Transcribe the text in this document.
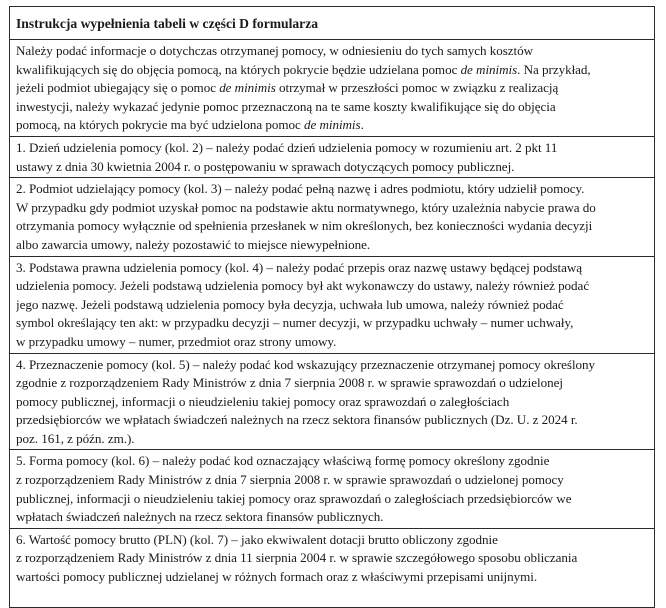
Instrukcja wypełnienia tabeli w części D formularza
Należy podać informacje o dotychczas otrzymanej pomocy, w odniesieniu do tych samych kosztów
kwalifikujących się do objęcia pomocą, na których pokrycie będzie udzielana pomoc de minimis. Na przykład,
jeżeli podmiot ubiegający się o pomoc de minimis otrzymał w przeszłości pomoc w związku z realizacją
inwestycji, należy wykazać jedynie pomoc przeznaczoną na te same koszty kwalifikujące się do objęcia
pomocą, na których pokrycie ma być udzielona pomoc de minimis.
1. Dzień udzielenia pomocy (kol. 2) – należy podać dzień udzielenia pomocy w rozumieniu art. 2 pkt 11
ustawy z dnia 30 kwietnia 2004 r. o postępowaniu w sprawach dotyczących pomocy publicznej.
2. Podmiot udzielający pomocy (kol. 3) – należy podać pełną nazwę i adres podmiotu, który udzielił pomocy.
W przypadku gdy podmiot uzyskał pomoc na podstawie aktu normatywnego, który uzależnia nabycie prawa do
otrzymania pomocy wyłącznie od spełnienia przesłanek w nim określonych, bez konieczności wydania decyzji
albo zawarcia umowy, należy pozostawić to miejsce niewypełnione.
3. Podstawa prawna udzielenia pomocy (kol. 4) – należy podać przepis oraz nazwę ustawy będącej podstawą
udzielenia pomocy. Jeżeli podstawą udzielenia pomocy był akt wykonawczy do ustawy, należy również podać
jego nazwę. Jeżeli podstawą udzielenia pomocy była decyzja, uchwała lub umowa, należy również podać
symbol określający ten akt: w przypadku decyzji – numer decyzji, w przypadku uchwały – numer uchwały,
w przypadku umowy – numer, przedmiot oraz strony umowy.
4. Przeznaczenie pomocy (kol. 5) – należy podać kod wskazujący przeznaczenie otrzymanej pomocy określony
zgodnie z rozporządzeniem Rady Ministrów z dnia 7 sierpnia 2008 r. w sprawie sprawozdań o udzielonej
pomocy publicznej, informacji o nieudzieleniu takiej pomocy oraz sprawozdań o zaległościach
przedsiębiorców we wpłatach świadczeń należnych na rzecz sektora finansów publicznych (Dz. U. z 2024 r.
poz. 161, z późn. zm.).
5. Forma pomocy (kol. 6) – należy podać kod oznaczający właściwą formę pomocy określony zgodnie
z rozporządzeniem Rady Ministrów z dnia 7 sierpnia 2008 r. w sprawie sprawozdań o udzielonej pomocy
publicznej, informacji o nieudzieleniu takiej pomocy oraz sprawozdań o zaległościach przedsiębiorców we
wpłatach świadczeń należnych na rzecz sektora finansów publicznych.
6. Wartość pomocy brutto (PLN) (kol. 7) – jako ekwiwalent dotacji brutto obliczony zgodnie
z rozporządzeniem Rady Ministrów z dnia 11 sierpnia 2004 r. w sprawie szczegółowego sposobu obliczania
wartości pomocy publicznej udzielanej w różnych formach oraz z właściwymi przepisami unijnymi.
